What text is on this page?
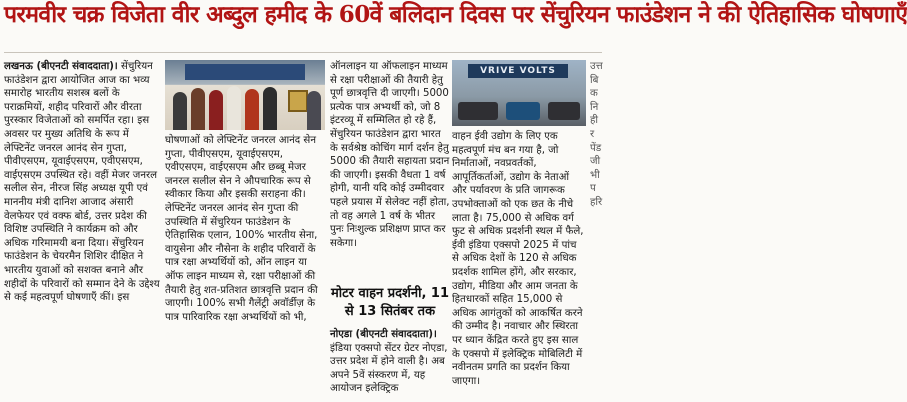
परमवीर चक्र विजेता वीर अब्दुल हमीद के 60वें बलिदान दिवस पर सेंचुरियन फाउंडेशन ने की ऐतिहासिक घोषणाएँ

लखनऊ (बीएनटी संवाददाता)। सेंचुरियन फाउंडेशन द्वारा आयोजित आज का भव्य समारोह भारतीय सशस्त्र बलों के पराक्रमियों, शहीद परिवारों और वीरता पुरस्कार विजेताओं को समर्पित रहा। इस अवसर पर मुख्य अतिथि के रूप में लेफ्टिनेंट जनरल आनंद सेन गुप्ता, पीवीएसएम, यूवाईएसएम, एवीएसएम, वाईएसएम उपस्थित रहे। वहीं मेजर जनरल सलील सेन, नीरज सिंह अध्यक्ष यूपी एवं माननीय मंत्री दानिश आजाद अंसारी वेलफेयर एवं वक्फ बोर्ड, उत्तर प्रदेश की विशिष्ट उपस्थिति ने कार्यक्रम को और अधिक गरिमामयी बना दिया। सेंचुरियन फाउंडेशन के चेयरमैन शिशिर दीक्षित ने भारतीय युवाओं को सशक्त बनाने और शहीदों के परिवारों को सम्मान देने के उद्देश्य से कई महत्वपूर्ण घोषणाएँ कीं। इस

घोषणाओं को लेफ्टिनेंट जनरल आनंद सेन गुप्ता, पीवीएसएम, यूवाईएसएम, एवीएसएम, वाईएसएम और छब्बू मेजर जनरल सलील सेन ने औपचारिक रूप से स्वीकार किया और इसकी सराहना की। लेफ्टिनेंट जनरल आनंद सेन गुप्ता की उपस्थिति में सेंचुरियन फाउंडेशन के ऐतिहासिक एलान, 100% भारतीय सेना, वायुसेना और नौसेना के शहीद परिवारों के पात्र रक्षा अभ्यर्थियों को, ऑन लाइन या ऑफ लाइन माध्यम से, रक्षा परीक्षाओं की तैयारी हेतु शत-प्रतिशत छात्रवृत्ति प्रदान की जाएगी। 100% सभी गैलेंट्री अवॉर्डीज़ के पात्र पारिवारिक रक्षा अभ्यर्थियों को भी,

ऑनलाइन या ऑफलाइन माध्यम से रक्षा परीक्षाओं की तैयारी हेतु पूर्ण छात्रवृत्ति दी जाएगी। 5000 प्रत्येक पात्र अभ्यर्थी को, जो 8 इंटरव्यू में सम्मिलित हो रहे हैं, सेंचुरियन फाउंडेशन द्वारा भारत के सर्वश्रेष्ठ कोचिंग मार्ग दर्शन हेतु 5000 की तैयारी सहायता प्रदान की जाएगी। इसकी वैधता 1 वर्ष होगी, यानी यदि कोई उम्मीदवार पहले प्रयास में सेलेक्ट नहीं होता, तो वह अगले 1 वर्ष के भीतर पुनः निःशुल्क प्रशिक्षण प्राप्त कर सकेगा।

मोटर वाहन प्रदर्शनी, 11 से 13 सितंबर तक

नोएडा (बीएनटी संवाददाता)। इंडिया एक्सपो सेंटर ग्रेटर नोएडा, उत्तर प्रदेश में होने वाली है। अब अपने 5वें संस्करण में, यह आयोजन इलेक्ट्रिक

VRIVE VOLTS

वाहन ईवी उद्योग के लिए एक महत्वपूर्ण मंच बन गया है, जो निर्माताओं, नवप्रवर्तकों, आपूर्तिकर्ताओं, उद्योग के नेताओं और पर्यावरण के प्रति जागरूक उपभोक्ताओं को एक छत के नीचे लाता है। 75,000 से अधिक वर्ग फुट से अधिक प्रदर्शनी स्थल में फैले, ईवी इंडिया एक्सपो 2025 में पांच से अधिक देशों के 120 से अधिक प्रदर्शक शामिल होंगे, और सरकार, उद्योग, मीडिया और आम जनता के हितधारकों सहित 15,000 से अधिक आगंतुकों को आकर्षित करने की उम्मीद है। नवाचार और स्थिरता पर ध्यान केंद्रित करते हुए इस साल के एक्सपो में इलेक्ट्रिक मोबिलिटी में नवीनतम प्रगति का प्रदर्शन किया जाएगा।

उत्त बि क नि ही र पेंड जी भी प हरि
